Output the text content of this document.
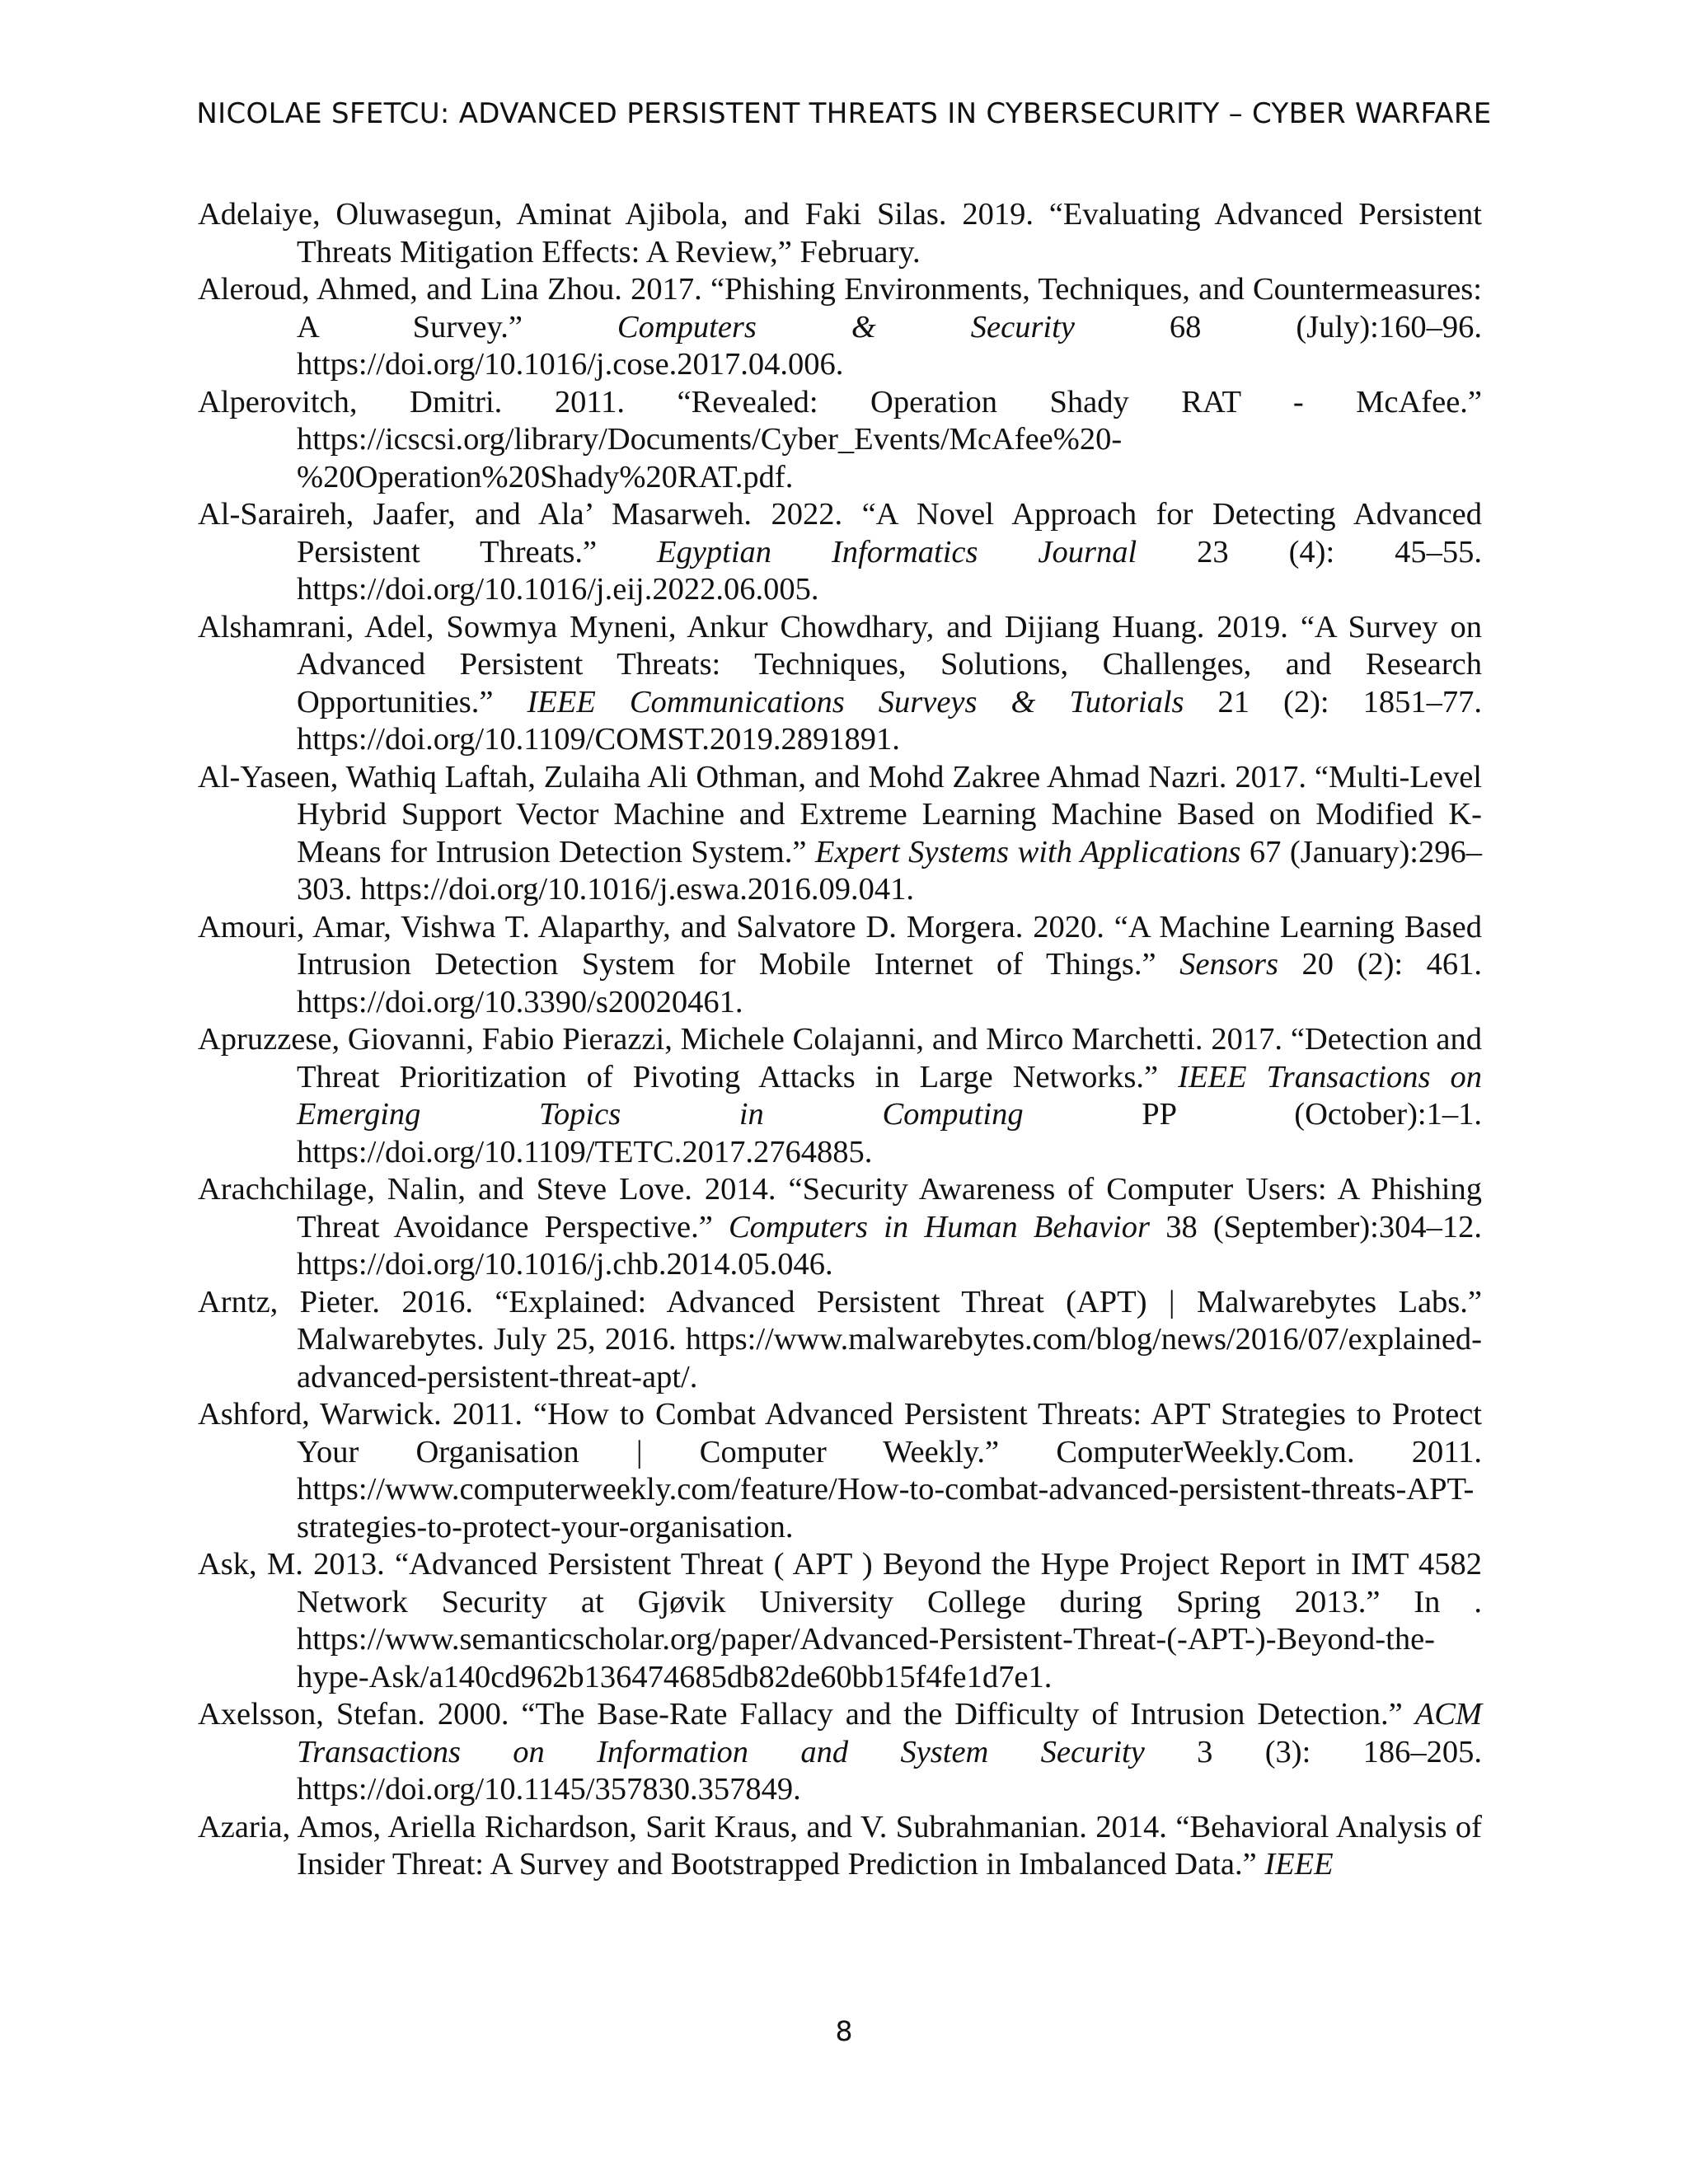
NICOLAE SFETCU: ADVANCED PERSISTENT THREATS IN CYBERSECURITY – CYBER WARFARE

Adelaiye, Oluwasegun, Aminat Ajibola, and Faki Silas. 2019. “Evaluating Advanced Persistent Threats Mitigation Effects: A Review,” February.

Aleroud, Ahmed, and Lina Zhou. 2017. “Phishing Environments, Techniques, and Countermeasures: A Survey.” Computers & Security 68 (July):160–96. https://doi.org/10.1016/j.cose.2017.04.006.

Alperovitch, Dmitri. 2011. “Revealed: Operation Shady RAT - McAfee.” https://icscsi.org/library/Documents/Cyber_Events/McAfee%20-%20Operation%20Shady%20RAT.pdf.

Al-Saraireh, Jaafer, and Ala’ Masarweh. 2022. “A Novel Approach for Detecting Advanced Persistent Threats.” Egyptian Informatics Journal 23 (4): 45–55. https://doi.org/10.1016/j.eij.2022.06.005.

Alshamrani, Adel, Sowmya Myneni, Ankur Chowdhary, and Dijiang Huang. 2019. “A Survey on Advanced Persistent Threats: Techniques, Solutions, Challenges, and Research Opportunities.” IEEE Communications Surveys & Tutorials 21 (2): 1851–77. https://doi.org/10.1109/COMST.2019.2891891.

Al-Yaseen, Wathiq Laftah, Zulaiha Ali Othman, and Mohd Zakree Ahmad Nazri. 2017. “Multi-Level Hybrid Support Vector Machine and Extreme Learning Machine Based on Modified K-Means for Intrusion Detection System.” Expert Systems with Applications 67 (January):296–303. https://doi.org/10.1016/j.eswa.2016.09.041.

Amouri, Amar, Vishwa T. Alaparthy, and Salvatore D. Morgera. 2020. “A Machine Learning Based Intrusion Detection System for Mobile Internet of Things.” Sensors 20 (2): 461. https://doi.org/10.3390/s20020461.

Apruzzese, Giovanni, Fabio Pierazzi, Michele Colajanni, and Mirco Marchetti. 2017. “Detection and Threat Prioritization of Pivoting Attacks in Large Networks.” IEEE Transactions on Emerging Topics in Computing PP (October):1–1. https://doi.org/10.1109/TETC.2017.2764885.

Arachchilage, Nalin, and Steve Love. 2014. “Security Awareness of Computer Users: A Phishing Threat Avoidance Perspective.” Computers in Human Behavior 38 (September):304–12. https://doi.org/10.1016/j.chb.2014.05.046.

Arntz, Pieter. 2016. “Explained: Advanced Persistent Threat (APT) | Malwarebytes Labs.” Malwarebytes. July 25, 2016. https://www.malwarebytes.com/blog/news/2016/07/explained-advanced-persistent-threat-apt/.

Ashford, Warwick. 2011. “How to Combat Advanced Persistent Threats: APT Strategies to Protect Your Organisation | Computer Weekly.” ComputerWeekly.Com. 2011. https://www.computerweekly.com/feature/How-to-combat-advanced-persistent-threats-APT-strategies-to-protect-your-organisation.

Ask, M. 2013. “Advanced Persistent Threat ( APT ) Beyond the Hype Project Report in IMT 4582 Network Security at Gjøvik University College during Spring 2013.” In . https://www.semanticscholar.org/paper/Advanced-Persistent-Threat-(-APT-)-Beyond-the-hype-Ask/a140cd962b136474685db82de60bb15f4fe1d7e1.

Axelsson, Stefan. 2000. “The Base-Rate Fallacy and the Difficulty of Intrusion Detection.” ACM Transactions on Information and System Security 3 (3): 186–205. https://doi.org/10.1145/357830.357849.

Azaria, Amos, Ariella Richardson, Sarit Kraus, and V. Subrahmanian. 2014. “Behavioral Analysis of Insider Threat: A Survey and Bootstrapped Prediction in Imbalanced Data.” IEEE

8
